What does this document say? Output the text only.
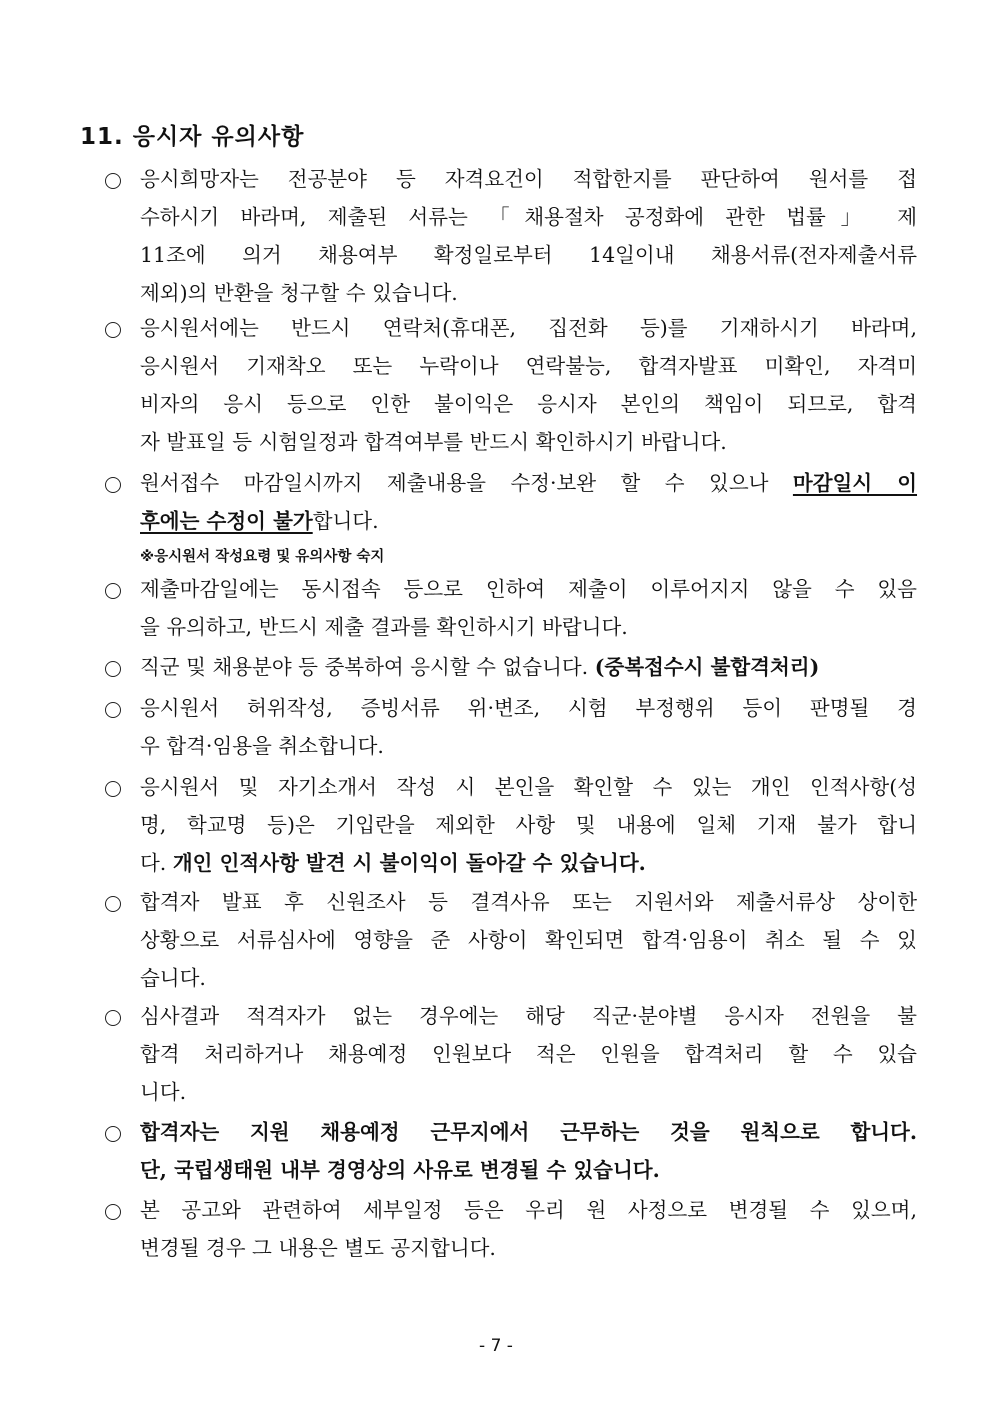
11. 응시자 유의사항
응시희망자는 전공분야 등 자격요건이 적합한지를 판단하여 원서를 접
수하시기 바라며, 제출된 서류는 「채용절차 공정화에 관한 법률」 제
11조에 의거 채용여부 확정일로부터 14일이내 채용서류(전자제출서류
제외)의 반환을 청구할 수 있습니다.
응시원서에는 반드시 연락처(휴대폰, 집전화 등)를 기재하시기 바라며,
응시원서 기재착오 또는 누락이나 연락불능, 합격자발표 미확인, 자격미
비자의 응시 등으로 인한 불이익은 응시자 본인의 책임이 되므로, 합격
자 발표일 등 시험일정과 합격여부를 반드시 확인하시기 바랍니다.
원서접수 마감일시까지 제출내용을 수정·보완 할 수 있으나 마감일시 이
후에는 수정이 불가합니다.
※응시원서 작성요령 및 유의사항 숙지
제출마감일에는 동시접속 등으로 인하여 제출이 이루어지지 않을 수 있음
을 유의하고, 반드시 제출 결과를 확인하시기 바랍니다.
직군 및 채용분야 등 중복하여 응시할 수 없습니다. (중복접수시 불합격처리)
응시원서 허위작성, 증빙서류 위·변조, 시험 부정행위 등이 판명될 경
우 합격·임용을 취소합니다.
응시원서 및 자기소개서 작성 시 본인을 확인할 수 있는 개인 인적사항(성
명, 학교명 등)은 기입란을 제외한 사항 및 내용에 일체 기재 불가 합니
다. 개인 인적사항 발견 시 불이익이 돌아갈 수 있습니다.
합격자 발표 후 신원조사 등 결격사유 또는 지원서와 제출서류상 상이한
상황으로 서류심사에 영향을 준 사항이 확인되면 합격·임용이 취소 될 수 있
습니다.
심사결과 적격자가 없는 경우에는 해당 직군·분야별 응시자 전원을 불
합격 처리하거나 채용예정 인원보다 적은 인원을 합격처리 할 수 있습
니다.
합격자는 지원 채용예정 근무지에서 근무하는 것을 원칙으로 합니다.
단, 국립생태원 내부 경영상의 사유로 변경될 수 있습니다.
본 공고와 관련하여 세부일정 등은 우리 원 사정으로 변경될 수 있으며,
변경될 경우 그 내용은 별도 공지합니다.
- 7 -
